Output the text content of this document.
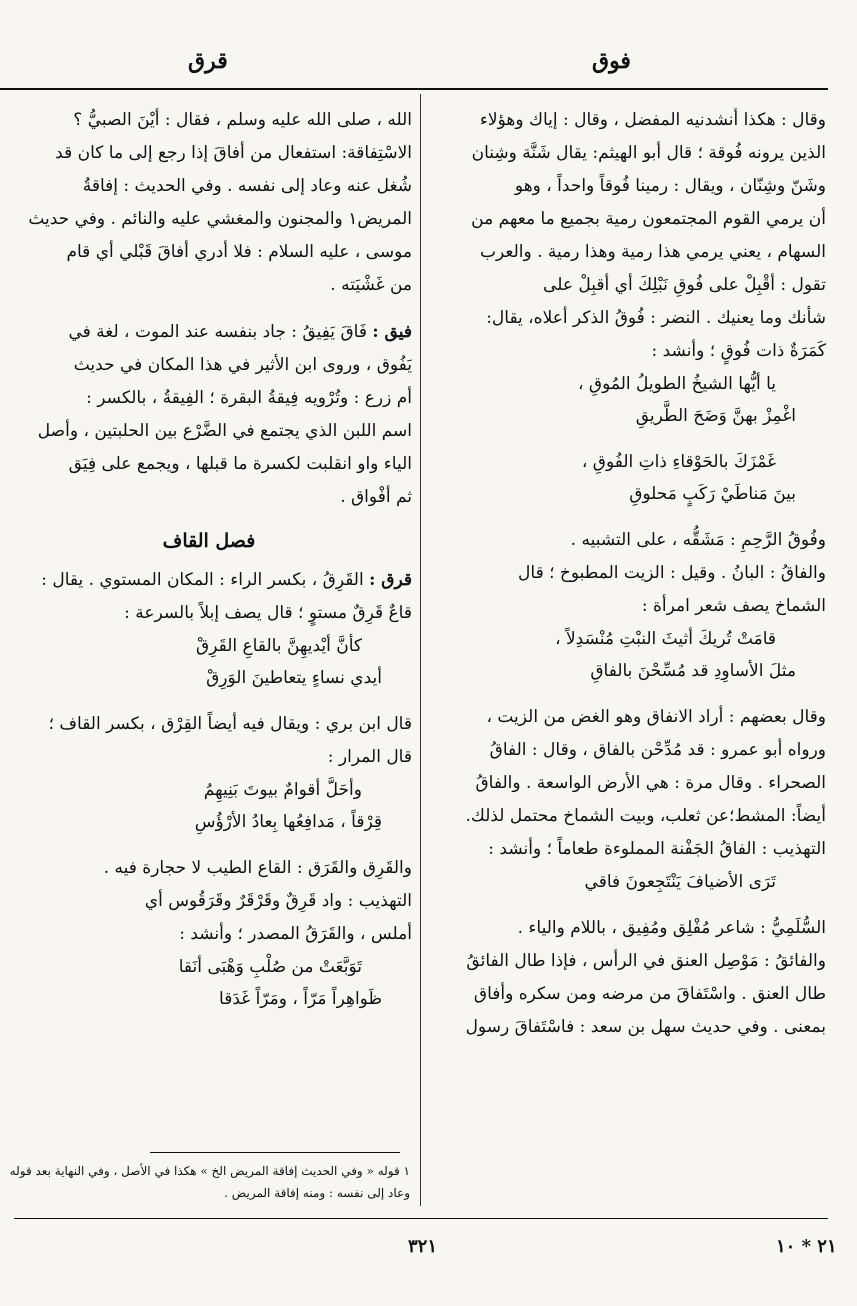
فوق
قرق
وقال : هكذا أنشدنيه المفضل ، وقال : إياك وهؤلاء
الذين يرونه فُوقة ؛ قال أبو الهيثم: يقال شَنَّة وشِنان
وشَنّ وشِنّان ، ويقال : رمينا فُوقاً واحداً ، وهو
أن يرمي القوم المجتمعون رمية بجميع ما معهم من
السهام ، يعني يرمي هذا رمية وهذا رمية . والعرب
تقول : أقْبِلْ على فُوقِ نَبْلِكَ أي أقبِلْ على
شأنك وما يعنيك . النضر : فُوقُ الذكر أعلاه، يقال:
كَمَرَةٌ ذات فُوقٍ ؛ وأنشد :
يا أيُّها الشيخُ الطويلُ المُوقِ ،
اغْمِزْ بهنَّ وَضَحَ الطَّريقِ
غَمْزَكَ بالحَوْقاءِ ذاتِ الفُوقِ ،
بينَ مَناطَيْ رَكَبٍ مَحلوقِ
وفُوقُ الرَّحِمِ : مَشَقُّه ، على التشبيه .
والفاقُ : البانُ . وقيل : الزيت المطبوخ ؛ قال
الشماخ يصف شعر امرأة :
قامَتْ تُريكَ أثيثَ النبْتِ مُنْسَدِلاً ،
مثلَ الأساوِدِ قد مُسِّحْنَ بالفاقِ
وقال بعضهم : أراد الانفاق وهو الغض من الزيت ،
ورواه أبو عمرو : قد مُدِّحْن بالفاق ، وقال : الفاقُ
الصحراء . وقال مرة : هي الأرض الواسعة . والفاقُ
أيضاً: المشط؛عن ثعلب، وبيت الشماخ محتمل لذلك.
التهذيب : الفاقُ الجَفْنة المملوءة طعاماً ؛ وأنشد :
تَرَى الأضيافَ يَنْتَجِعونَ فاقي
السُّلَمِيُّ : شاعر مُفْلِق ومُفِيق ، باللام والياء .
والفائقُ : مَوْصِل العنق في الرأس ، فإذا طال الفائقُ
طال العنق . واسْتَفاقَ من مرضه ومن سكره وأفاق
بمعنى . وفي حديث سهل بن سعد : فاسْتَفاقَ رسول
الله ، صلى الله عليه وسلم ، فقال : أيْنَ الصبيُّ ؟
الاسْتِفاقة: استفعال من أفاقَ إذا رجع إلى ما كان قد
شُغل عنه وعاد إلى نفسه . وفي الحديث : إفاقةُ
المريض١ والمجنون والمغشي عليه والنائم . وفي حديث
موسى ، عليه السلام : فلا أدري أفاقَ قَبْلي أي قام
من غَشْيَته .
فيق : فَاقَ يَفِيقُ : جاد بنفسه عند الموت ، لغة في
يَفُوق ، وروى ابن الأثير في هذا المكان في حديث
أم زرع : وتُرْويه فِيقةُ البقرة ؛ الفِيقةُ ، بالكسر :
اسم اللبن الذي يجتمع في الضَّرْع بين الحلبتين ، وأصل
الياء واو انقلبت لكسرة ما قبلها ، ويجمع على فِيَق
ثم أفْواق .
فصل القاف
قرق : القَرِقُ ، بكسر الراء : المكان المستوي . يقال :
قاعٌ قَرِقٌ مستوٍ ؛ قال يصف إبلاً بالسرعة :
كأنَّ أيْديهِنَّ بالقاعِ القَرِقْ
أيدي نساءٍ يتعاطينَ الوَرِقْ
قال ابن بري : ويقال فيه أيضاً القِرْق ، بكسر القاف ؛
قال المرار :
وأحَلَّ أقوامٌ بيوتَ بَنِيهِمُ
قِرْقاً ، مَدافِعُها بِعادُ الأرْؤُسِ
والقَرِق والقَرَق : القاع الطيب لا حجارة فيه .
التهذيب : واد قَرِقٌ وقَرْقَرٌ وقَرَقُوس أي
أملس ، والقَرَقُ المصدر ؛ وأنشد :
تَوَبَّعَتْ من صُلْبِ وَهْبَى أنَقا
ظَواهِراً مَرّاً ، ومَرّاً غَدَقا
١ قوله « وفي الحديث إفاقة المريض الخ » هكذا في الأصل ، وفي النهاية بعد قوله وعاد إلى نفسه : ومنه إفاقة المريض .
٣٢١	٢١ * ١٠
